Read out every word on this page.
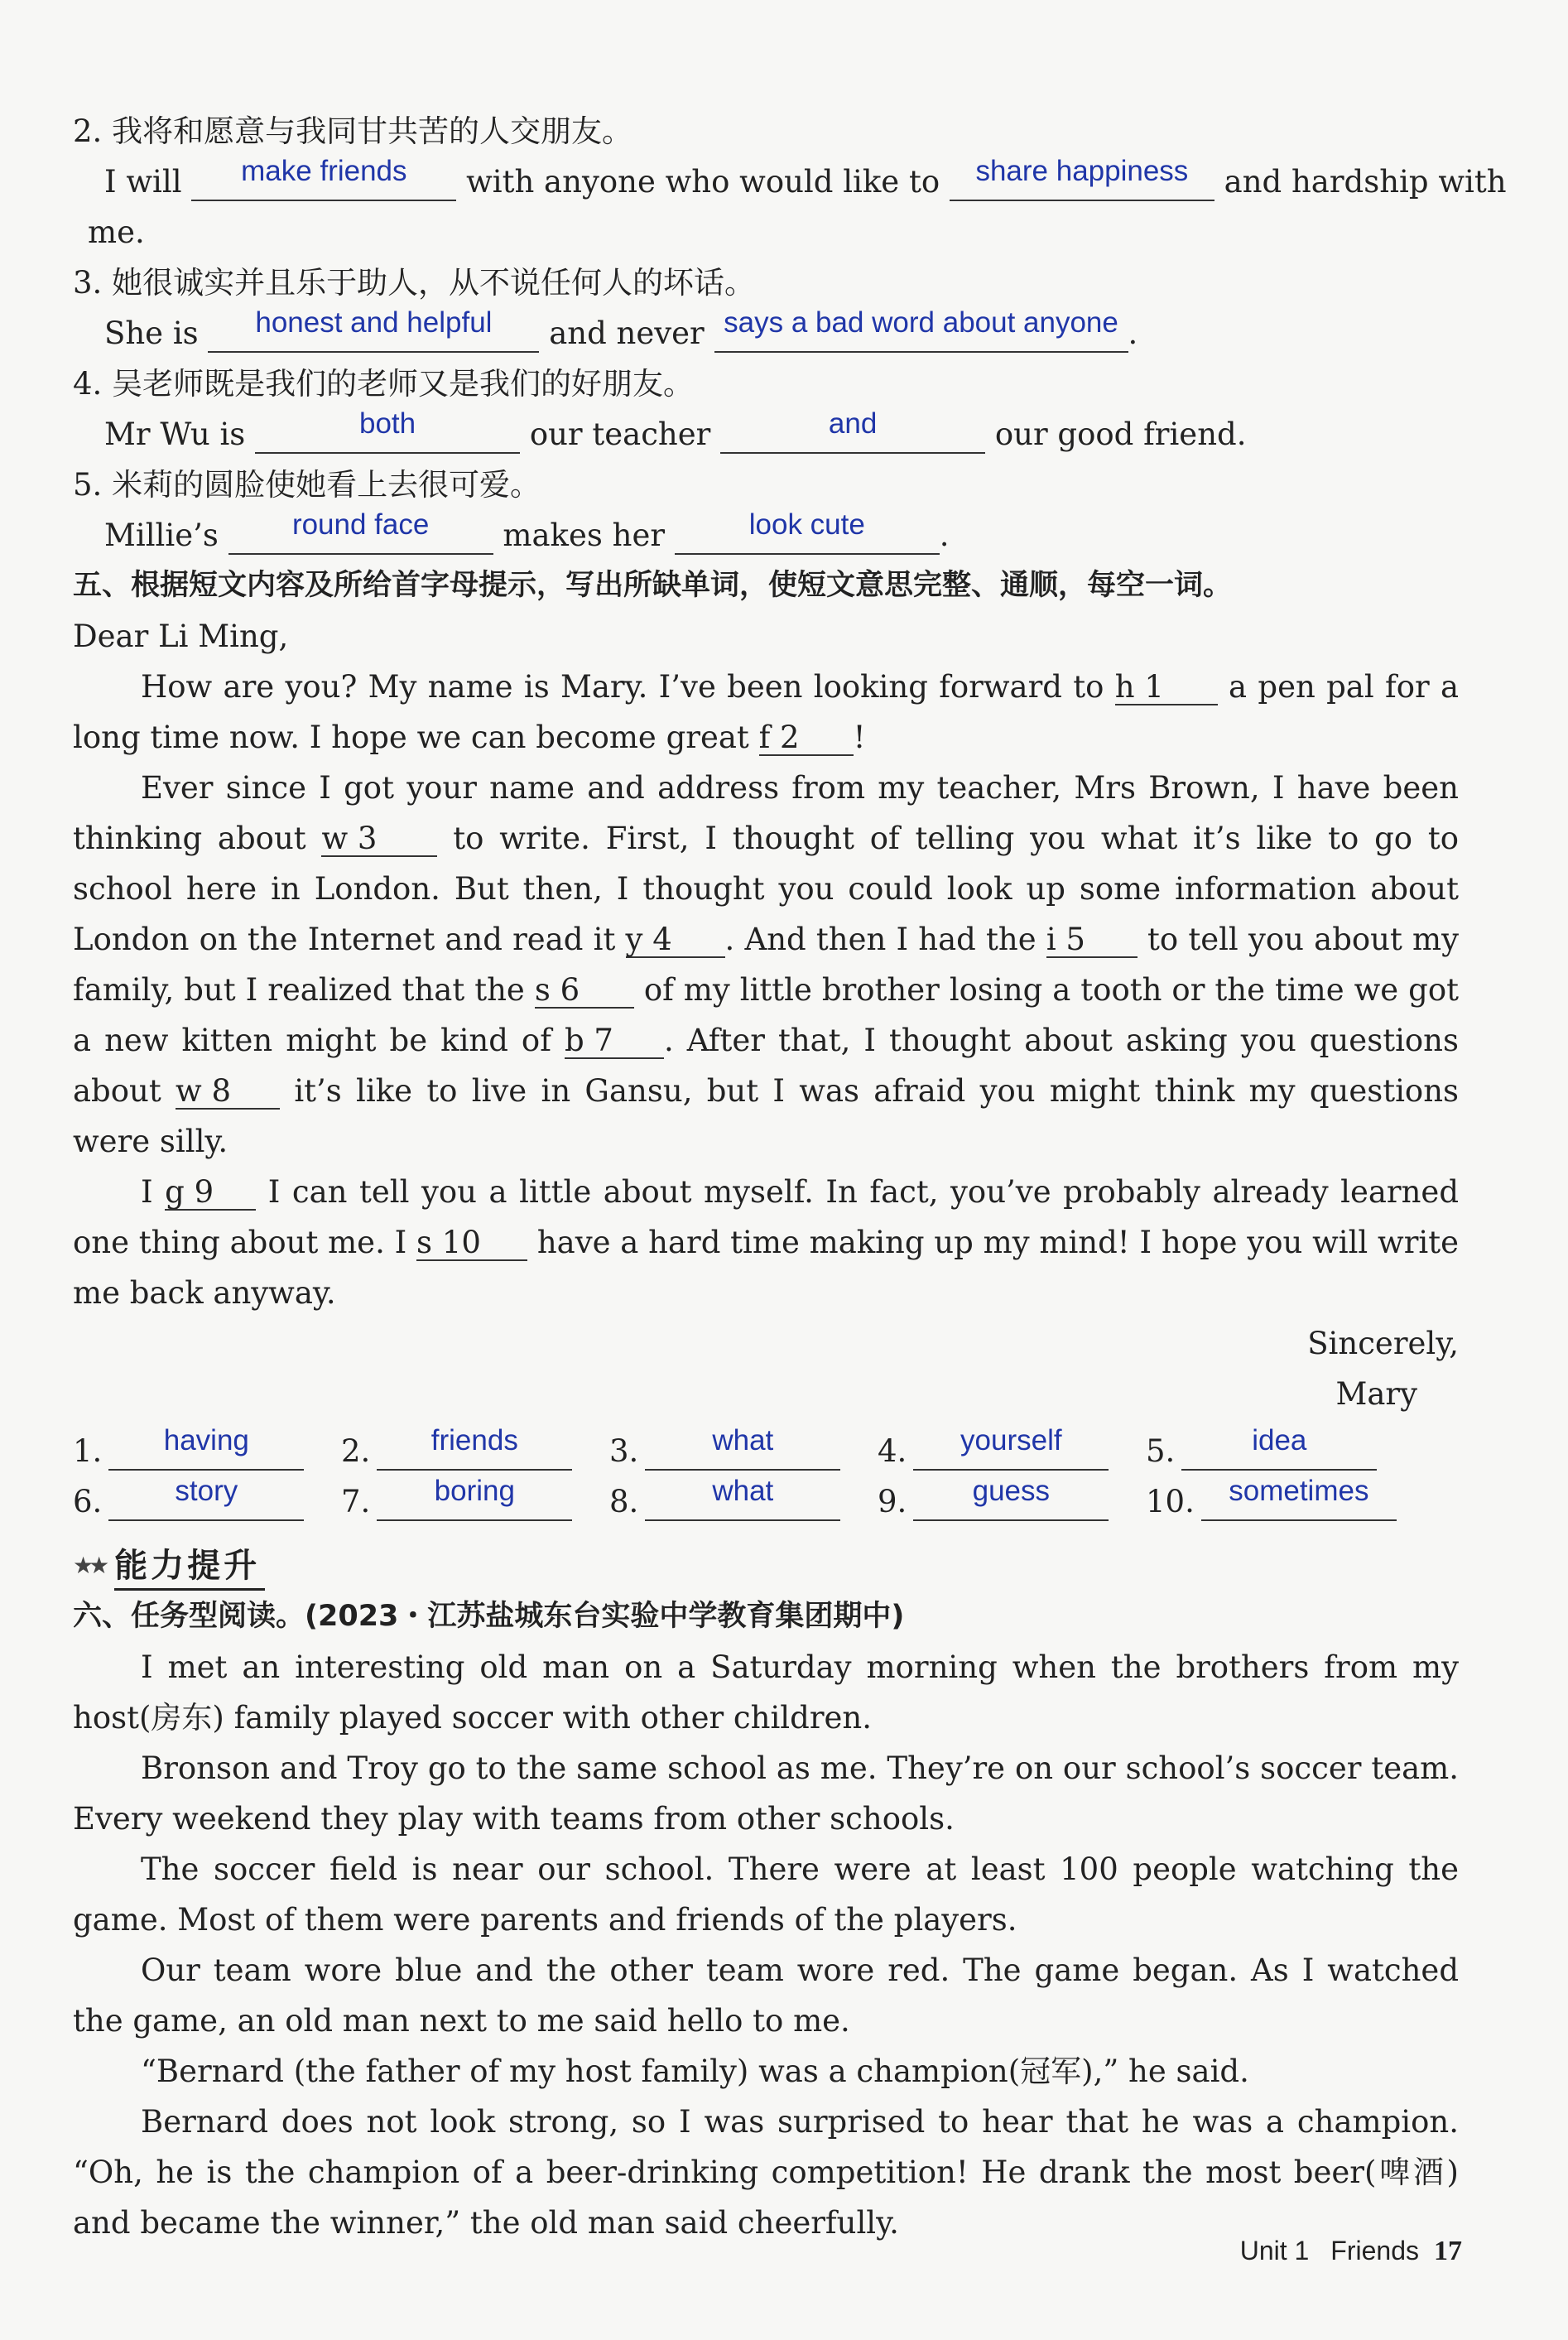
2. 我将和愿意与我同甘共苦的人交朋友。
I will make friends with anyone who would like to share happiness and hardship with
me.
3. 她很诚实并且乐于助人，从不说任何人的坏话。
She is honest and helpful and never says a bad word about anyone .
4. 吴老师既是我们的老师又是我们的好朋友。
Mr Wu is	both	our teacher	and	our good friend.
5. 米莉的圆脸使她看上去很可爱。
Millie’s	round face makes her	look cute .
五、根据短文内容及所给首字母提示，写出所缺单词，使短文意思完整、通顺，每空一词。
Dear Li Ming,
How are you? My name is Mary. I’ve been looking forward to h 1 a pen pal for a long time now. I hope we can become great f 2 !
Ever since I got your name and address from my teacher, Mrs Brown, I have been thinking about w 3 to write. First, I thought of telling you what it’s like to go to school here in London. But then, I thought you could look up some information about London on the Internet and read it y 4 . And then I had the i 5 to tell you about my family, but I realized that the s 6 of my little brother losing a tooth or the time we got a new kitten might be kind of b 7 . After that, I thought about asking you questions about w 8 it’s like to live in Gansu, but I was afraid you might think my questions were silly.
I g 9 I can tell you a little about myself. In fact, you’ve probably already learned one thing about me. I s 10 have a hard time making up my mind! I hope you will write me back anyway.
Sincerely,
Mary
1.	having	2.	friends	3.	what	4.	yourself	5.	idea
6.	story	7.	boring	8.	what	9.	guess	10.	sometimes
★★ 能力提升
六、任务型阅读。(2023・江苏盐城东台实验中学教育集团期中)
I met an interesting old man on a Saturday morning when the brothers from my host(房东) family played soccer with other children.
Bronson and Troy go to the same school as me. They’re on our school’s soccer team. Every weekend they play with teams from other schools.
The soccer field is near our school. There were at least 100 people watching the game. Most of them were parents and friends of the players.
Our team wore blue and the other team wore red. The game began. As I watched the game, an old man next to me said hello to me.
“Bernard (the father of my host family) was a champion(冠军),” he said.
Bernard does not look strong, so I was surprised to hear that he was a champion. “Oh, he is the champion of a beer-drinking competition! He drank the most beer(啤酒) and became the winner,” the old man said cheerfully.
Unit 1 Friends 17
